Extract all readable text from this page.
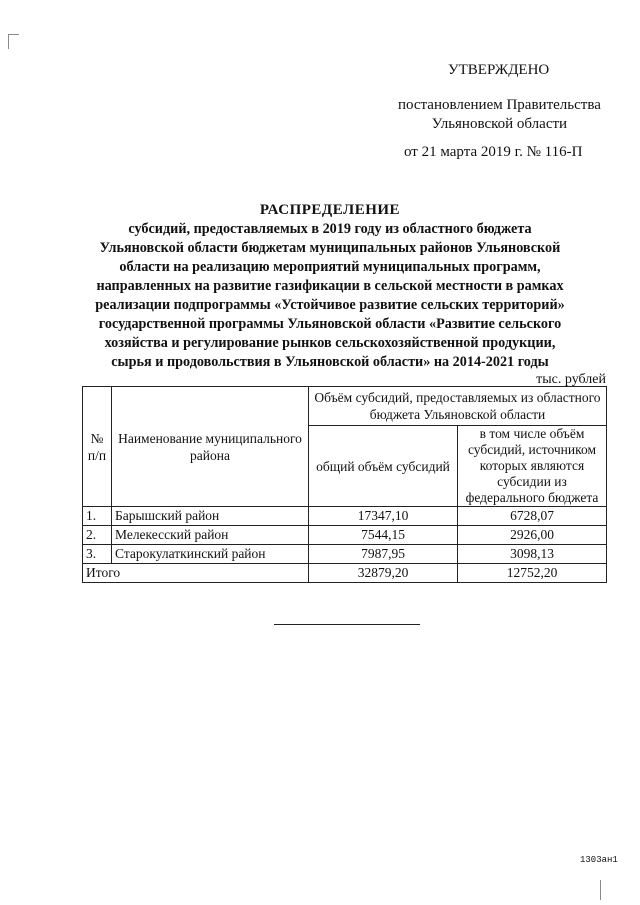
УТВЕРЖДЕНО
постановлением Правительства
Ульяновской области
от 21 марта 2019 г. № 116-П
РАСПРЕДЕЛЕНИЕ
субсидий, предоставляемых в 2019 году из областного бюджета
Ульяновской области бюджетам муниципальных районов Ульяновской
области на реализацию мероприятий муниципальных программ,
направленных на развитие газификации в сельской местности в рамках
реализации подпрограммы «Устойчивое развитие сельских территорий»
государственной программы Ульяновской области «Развитие сельского
хозяйства и регулирование рынков сельскохозяйственной продукции,
сырья и продовольствия в Ульяновской области» на 2014-2021 годы
тыс. рублей
№ п/п	Наименование муниципального района	Объём субсидий, предоставляемых из областного бюджета Ульяновской области	
		общий объём субсидий	в том числе объём субсидий, источником которых являются субсидии из федерального бюджета
1.	Барышский район	17347,10	6728,07
2.	Мелекесский район	7544,15	2926,00
3.	Старокулаткинский район	7987,95	3098,13
Итого		32879,20	12752,20
1303ан1
